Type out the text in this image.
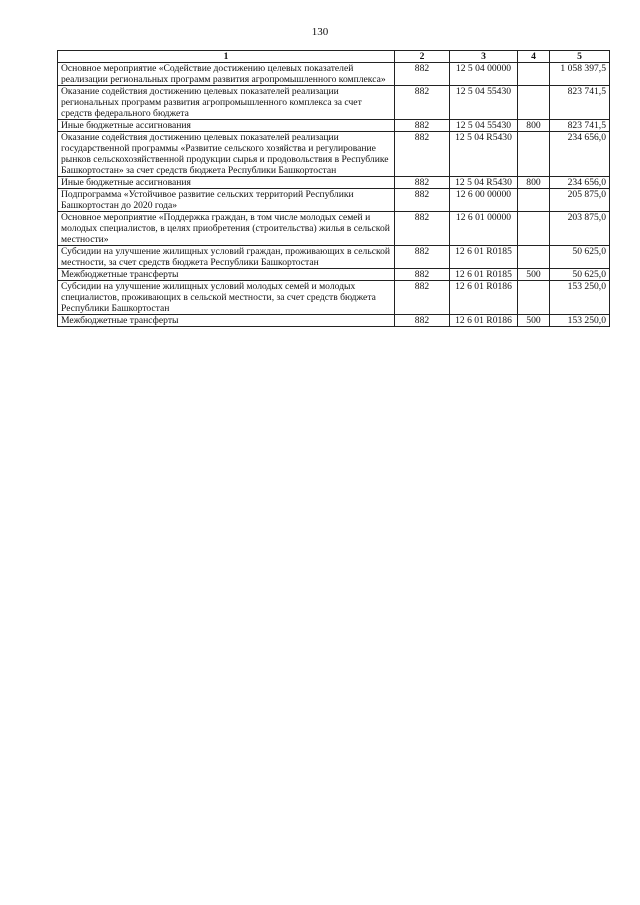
130
1	2	3	4	5
Основное мероприятие «Содействие достижению целевых показателей реализации региональных программ развития агропромышленного комплекса»	882	12 5 04 00000		1 058 397,5
Оказание содействия достижению целевых показателей реализации региональных программ развития агропромышленного комплекса за счет средств федерального бюджета	882	12 5 04 55430		823 741,5
Иные бюджетные ассигнования	882	12 5 04 55430	800	823 741,5
Оказание содействия достижению целевых показателей реализации государственной программы «Развитие сельского хозяйства и регулирование рынков сельскохозяйственной продукции сырья и продовольствия в Республике Башкортостан» за счет средств бюджета Республики Башкортостан	882	12 5 04 R5430		234 656,0
Иные бюджетные ассигнования	882	12 5 04 R5430	800	234 656,0
Подпрограмма «Устойчивое развитие сельских территорий Республики Башкортостан до 2020 года»	882	12 6 00 00000		205 875,0
Основное мероприятие «Поддержка граждан, в том числе молодых семей и молодых специалистов, в целях приобретения (строительства) жилья в сельской местности»	882	12 6 01 00000		203 875,0
Субсидии на улучшение жилищных условий граждан, проживающих в сельской местности, за счет средств бюджета Республики Башкортостан	882	12 6 01 R0185		50 625,0
Межбюджетные трансферты	882	12 6 01 R0185	500	50 625,0
Субсидии на улучшение жилищных условий молодых семей и молодых специалистов, проживающих в сельской местности, за счет средств бюджета Республики Башкортостан	882	12 6 01 R0186		153 250,0
Межбюджетные трансферты	882	12 6 01 R0186	500	153 250,0
